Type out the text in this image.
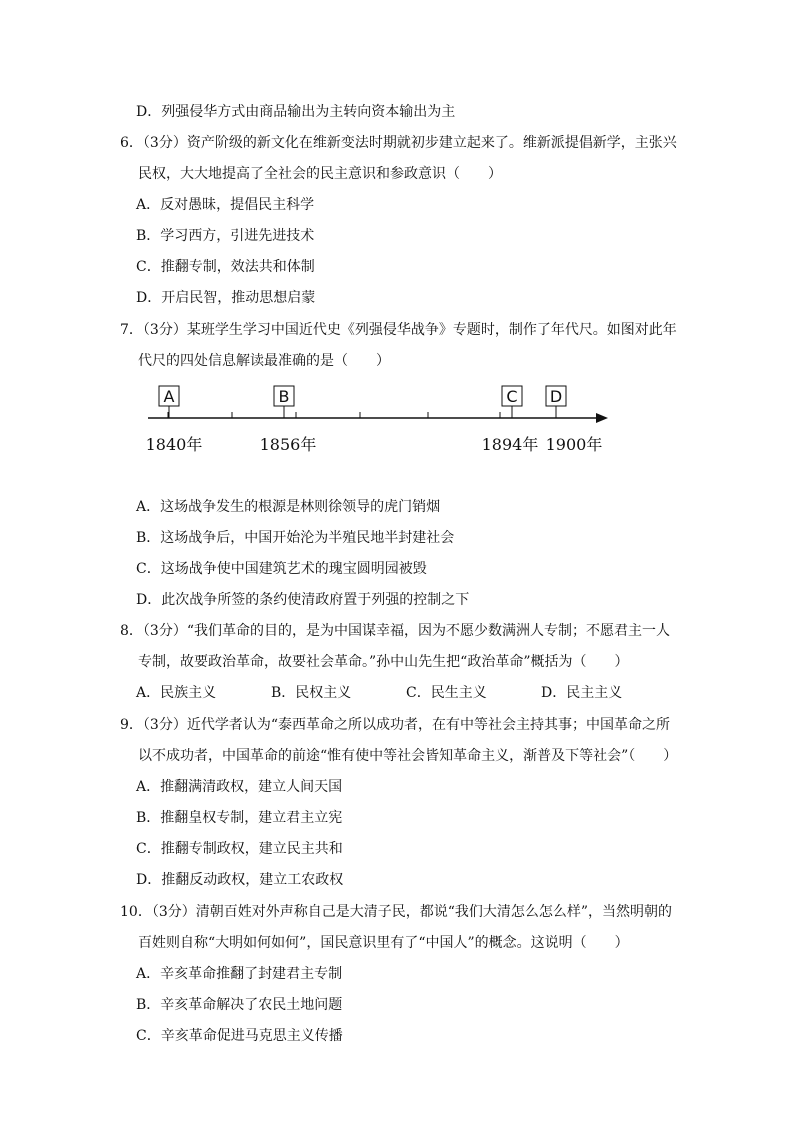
D．列强侵华方式由商品输出为主转向资本输出为主
6．（3分）资产阶级的新文化在维新变法时期就初步建立起来了。维新派提倡新学，主张兴
民权，大大地提高了全社会的民主意识和参政意识（　　）
A．反对愚昧，提倡民主科学
B．学习西方，引进先进技术
C．推翻专制，效法共和体制
D．开启民智，推动思想启蒙
7．（3分）某班学生学习中国近代史《列强侵华战争》专题时，制作了年代尺。如图对此年
代尺的四处信息解读最准确的是（　　）
A	B	C D
1840年	1856年	1894年 1900年
A．这场战争发生的根源是林则徐领导的虎门销烟
B．这场战争后，中国开始沦为半殖民地半封建社会
C．这场战争使中国建筑艺术的瑰宝圆明园被毁
D．此次战争所签的条约使清政府置于列强的控制之下
8．（3分）“我们革命的目的，是为中国谋幸福，因为不愿少数满洲人专制；不愿君主一人
专制，故要政治革命，故要社会革命。”孙中山先生把“政治革命”概括为（　　）
A．民族主义	B．民权主义	C．民生主义	D．民主主义
9．（3分）近代学者认为“泰西革命之所以成功者，在有中等社会主持其事；中国革命之所
以不成功者，中国革命的前途“惟有使中等社会皆知革命主义，渐普及下等社会”（　　）
A．推翻满清政权，建立人间天国
B．推翻皇权专制，建立君主立宪
C．推翻专制政权，建立民主共和
D．推翻反动政权，建立工农政权
10．（3分）清朝百姓对外声称自己是大清子民，都说“我们大清怎么怎么样”，当然明朝的
百姓则自称“大明如何如何”，国民意识里有了“中国人”的概念。这说明（　　）
A．辛亥革命推翻了封建君主专制
B．辛亥革命解决了农民土地问题
C．辛亥革命促进马克思主义传播
